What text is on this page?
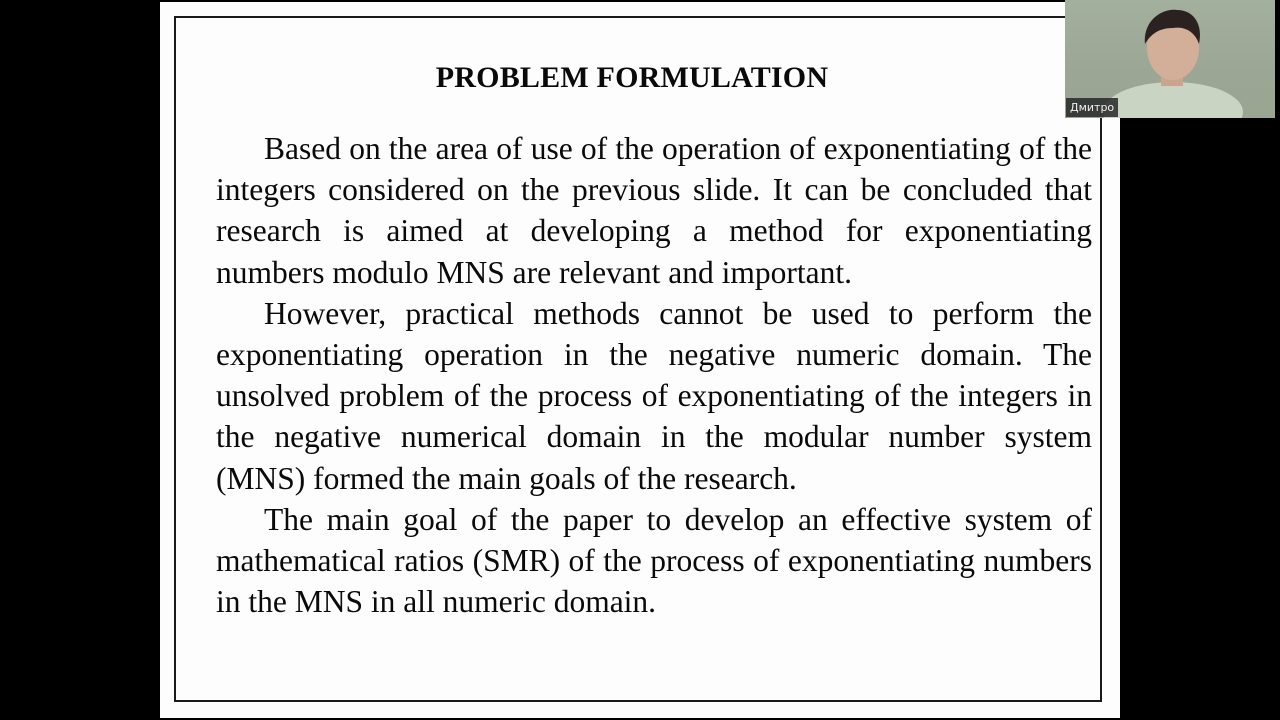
PROBLEM FORMULATION

Based on the area of use of the operation of exponentiating of the integers considered on the previous slide. It can be concluded that research is aimed at developing a method for exponentiating numbers modulo MNS are relevant and important.

However, practical methods cannot be used to perform the exponentiating operation in the negative numeric domain. The unsolved problem of the process of exponentiating of the integers in the negative numerical domain in the modular number system (MNS) formed the main goals of the research.

The main goal of the paper to develop an effective system of mathematical ratios (SMR) of the process of exponentiating numbers in the MNS in all numeric domain.

Дмитро
